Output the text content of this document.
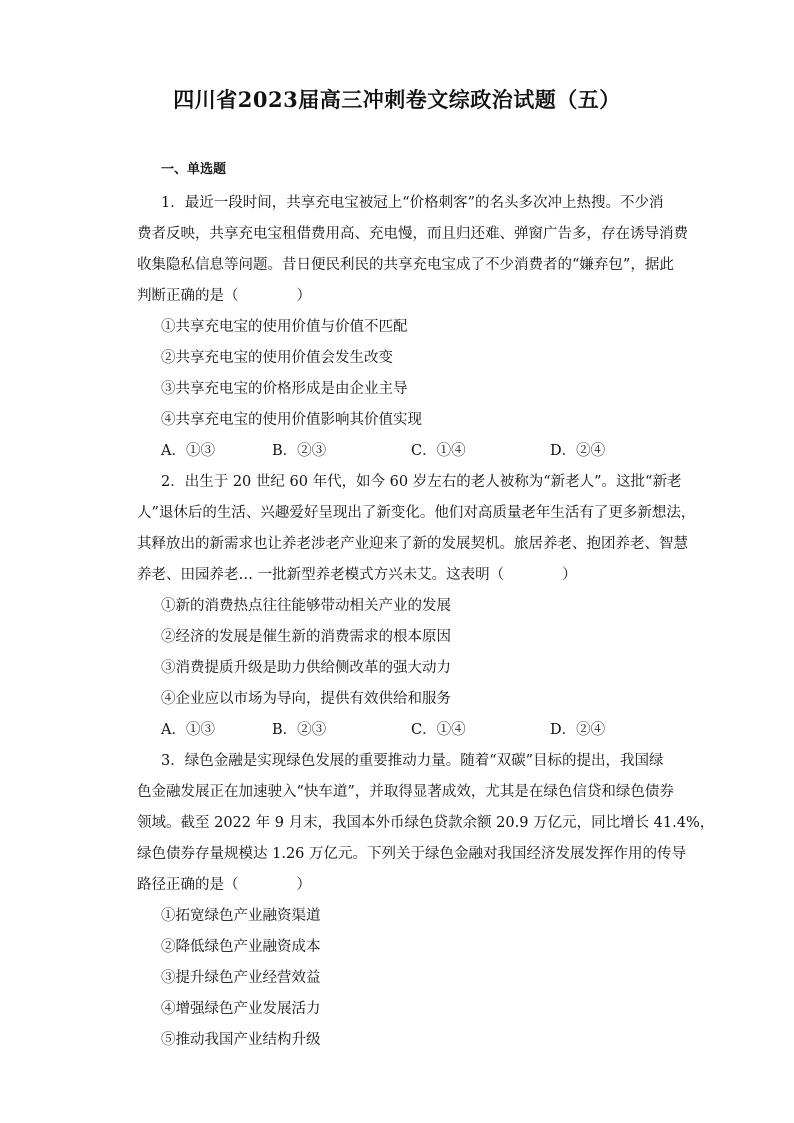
四川省2023届高三冲刺卷文综政治试题（五）
一、单选题
1．最近一段时间，共享充电宝被冠上“价格刺客”的名头多次冲上热搜。不少消
费者反映，共享充电宝租借费用高、充电慢，而且归还难、弹窗广告多，存在诱导消费
收集隐私信息等问题。昔日便民利民的共享充电宝成了不少消费者的“嫌弃包”，据此
判断正确的是（　　　　）
①共享充电宝的使用价值与价值不匹配
②共享充电宝的使用价值会发生改变
③共享充电宝的价格形成是由企业主导
④共享充电宝的使用价值影响其价值实现
A．①③	B．②③	C．①④	D．②④
2．出生于 20 世纪 60 年代，如今 60 岁左右的老人被称为“新老人”。这批“新老
人”退休后的生活、兴趣爱好呈现出了新变化。他们对高质量老年生活有了更多新想法，
其释放出的新需求也让养老涉老产业迎来了新的发展契机。旅居养老、抱团养老、智慧
养老、田园养老… 一批新型养老模式方兴未艾。这表明（　　　　）
①新的消费热点往往能够带动相关产业的发展
②经济的发展是催生新的消费需求的根本原因
③消费提质升级是助力供给侧改革的强大动力
④企业应以市场为导向，提供有效供给和服务
A．①③	B．②③	C．①④	D．②④
3．绿色金融是实现绿色发展的重要推动力量。随着“双碳”目标的提出，我国绿
色金融发展正在加速驶入“快车道”，并取得显著成效，尤其是在绿色信贷和绿色债券
领域。截至 2022 年 9 月末，我国本外币绿色贷款余额 20.9 万亿元，同比增长 41.4%，
绿色债券存量规模达 1.26 万亿元。下列关于绿色金融对我国经济发展发挥作用的传导
路径正确的是（　　　　）
①拓宽绿色产业融资渠道
②降低绿色产业融资成本
③提升绿色产业经营效益
④增强绿色产业发展活力
⑤推动我国产业结构升级
